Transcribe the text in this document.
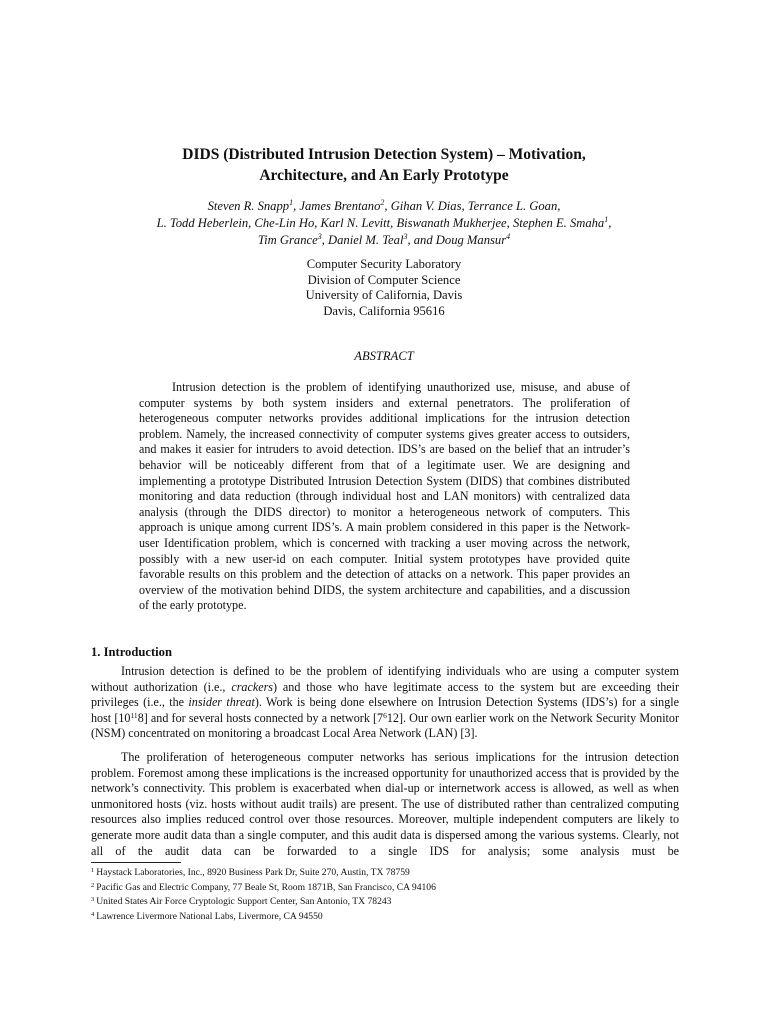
DIDS (Distributed Intrusion Detection System) – Motivation,
Architecture, and An Early Prototype
Steven R. Snapp$^1$, James Brentano$^2$, Gihan V. Dias, Terrance L. Goan,
L. Todd Heberlein, Che-Lin Ho, Karl N. Levitt, Biswanath Mukherjee, Stephen E. Smaha$^1$,
Tim Grance$^3$, Daniel M. Teal$^3$, and Doug Mansur$^4$
Computer Security Laboratory
Division of Computer Science
University of California, Davis
Davis, California 95616
ABSTRACT

Intrusion detection is the problem of identifying unauthorized use, misuse, and abuse of computer systems by both system insiders and external penetrators. The proliferation of heterogeneous computer networks provides additional implications for the intrusion detection problem. Namely, the increased connectivity of computer systems gives greater access to outsiders, and makes it easier for intruders to avoid detection. IDS’s are based on the belief that an intruder’s behavior will be noticeably different from that of a legitimate user. We are designing and implementing a prototype Distributed Intrusion Detection System (DIDS) that combines distributed monitoring and data reduction (through individual host and LAN monitors) with centralized data analysis (through the DIDS director) to monitor a heterogeneous network of computers. This approach is unique among current IDS’s. A main problem considered in this paper is the Network-user Identification problem, which is concerned with tracking a user moving across the network, possibly with a new user-id on each computer. Initial system prototypes have provided quite favorable results on this problem and the detection of attacks on a network. This paper provides an overview of the motivation behind DIDS, the system architecture and capabilities, and a discussion of the early prototype.

1. Introduction

Intrusion detection is defined to be the problem of identifying individuals who are using a computer system without authorization (i.e., crackers) and those who have legitimate access to the system but are exceeding their privileges (i.e., the insider threat). Work is being done elsewhere on Intrusion Detection Systems (IDS’s) for a single host $[10^{11}8]$ and for several hosts connected by a network $[7^612]$. Our own earlier work on the Network Security Monitor (NSM) concentrated on monitoring a broadcast Local Area Network (LAN) [3].

The proliferation of heterogeneous computer networks has serious implications for the intrusion detection problem. Foremost among these implications is the increased opportunity for unauthorized access that is provided by the network’s connectivity. This problem is exacerbated when dial-up or internetwork access is allowed, as well as when unmonitored hosts (viz. hosts without audit trails) are present. The use of distributed rather than centralized computing resources also implies reduced control over those resources. Moreover, multiple independent computers are likely to generate more audit data than a single computer, and this audit data is dispersed among the various systems. Clearly, not all of the audit data can be forwarded to a single IDS for analysis; some analysis must be

$^1$ Haystack Laboratories, Inc., 8920 Business Park Dr, Suite 270, Austin, TX 78759
$^2$ Pacific Gas and Electric Company, 77 Beale St, Room 1871B, San Francisco, CA 94106
$^3$ United States Air Force Cryptologic Support Center, San Antonio, TX 78243
$^4$ Lawrence Livermore National Labs, Livermore, CA 94550
